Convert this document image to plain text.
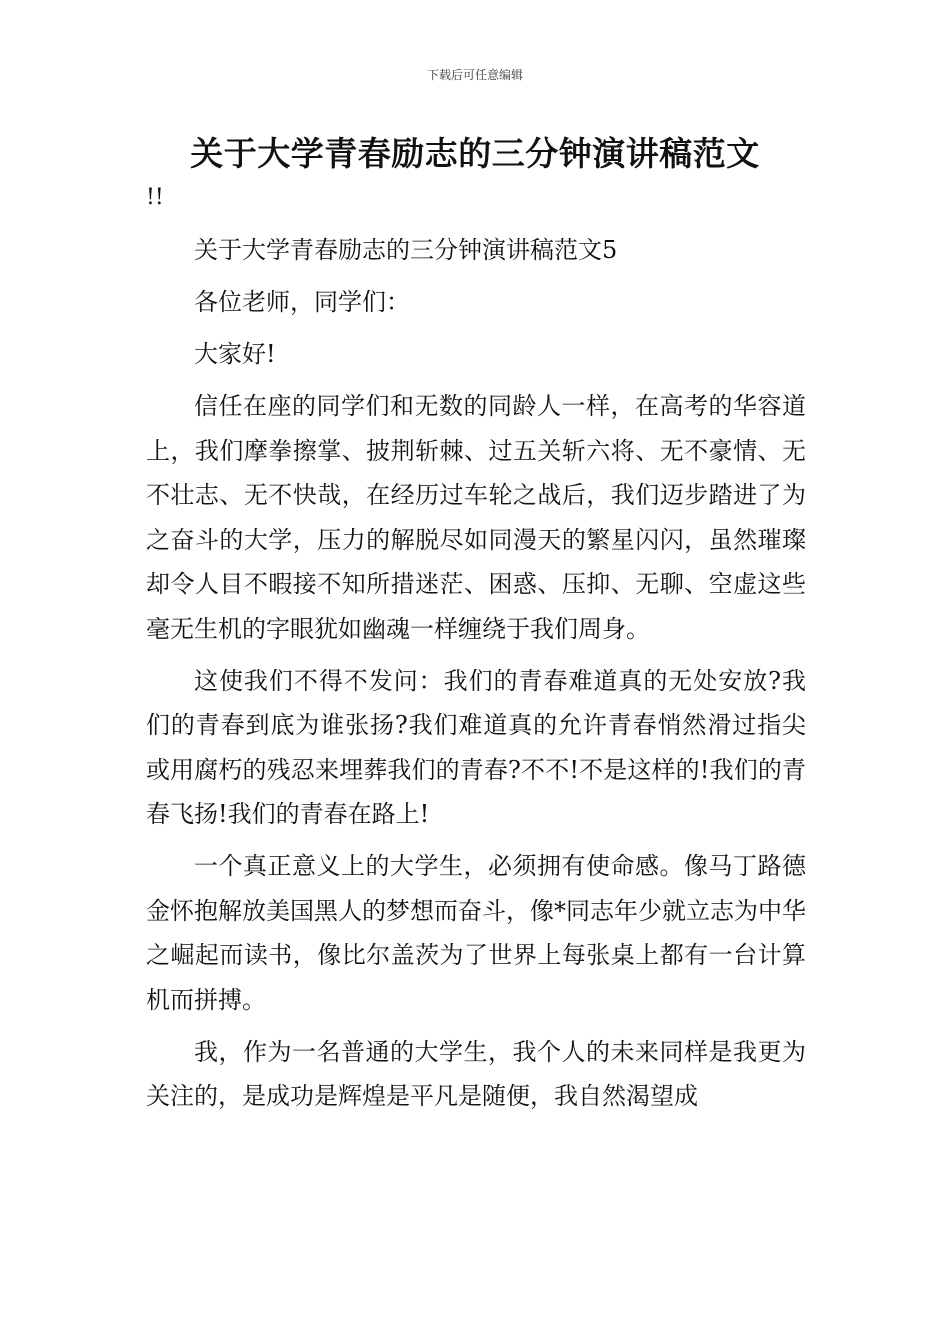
下载后可任意编辑
关于大学青春励志的三分钟演讲稿范文
!!

关于大学青春励志的三分钟演讲稿范文5

各位老师，同学们：

大家好!

信任在座的同学们和无数的同龄人一样，在高考的华容道上，我们摩拳擦掌、披荆斩棘、过五关斩六将、无不豪情、无不壮志、无不快哉，在经历过车轮之战后，我们迈步踏进了为之奋斗的大学，压力的解脱尽如同漫天的繁星闪闪，虽然璀璨却令人目不暇接不知所措迷茫、困惑、压抑、无聊、空虚这些毫无生机的字眼犹如幽魂一样缠绕于我们周身。

这使我们不得不发问：我们的青春难道真的无处安放?我们的青春到底为谁张扬?我们难道真的允许青春悄然滑过指尖或用腐朽的残忍来埋葬我们的青春?不不!不是这样的!我们的青春飞扬!我们的青春在路上!

一个真正意义上的大学生，必须拥有使命感。像马丁路德金怀抱解放美国黑人的梦想而奋斗，像*同志年少就立志为中华之崛起而读书，像比尔盖茨为了世界上每张桌上都有一台计算机而拼搏。

我，作为一名普通的大学生，我个人的未来同样是我更为关注的，是成功是辉煌是平凡是随便，我自然渴望成
